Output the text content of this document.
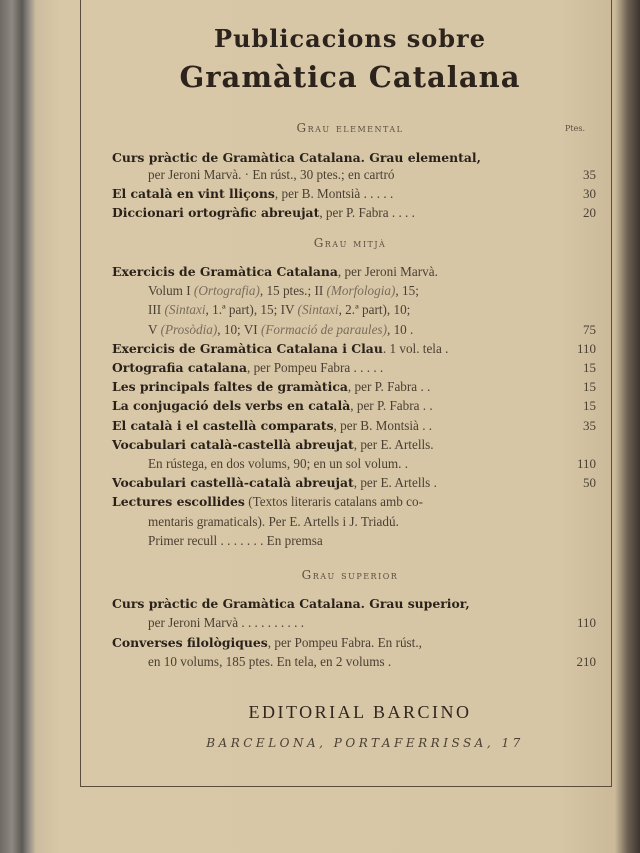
Publicacions sobre
Gramàtica Catalana
Ptes.
Grau elemental
Curs pràctic de Gramàtica Catalana. Grau elemental,
per Jeroni Marvà. · En rúst., 30 ptes.; en cartró	35
El català en vint lliçons, per B. Montsià . . . . .	30
Diccionari ortogràfic abreujat, per P. Fabra . . . .	20
Grau mitjà
Exercicis de Gramàtica Catalana, per Jeroni Marvà.
Volum I (Ortografia), 15 ptes.; II (Morfologia), 15;
III (Sintaxi, 1.ª part), 15; IV (Sintaxi, 2.ª part), 10;
V (Prosòdia), 10; VI (Formació de paraules), 10 .	75
Exercicis de Gramàtica Catalana i Clau. 1 vol. tela .	110
Ortografia catalana, per Pompeu Fabra . . . . .	15
Les principals faltes de gramàtica, per P. Fabra . .	15
La conjugació dels verbs en català, per P. Fabra . .	15
El català i el castellà comparats, per B. Montsià . .	35
Vocabulari català-castellà abreujat, per E. Artells.
En rústega, en dos volums, 90; en un sol volum. .	110
Vocabulari castellà-català abreujat, per E. Artells .	50
Lectures escollides (Textos literaris catalans amb co-
mentaris gramaticals). Per E. Artells i J. Triadú.
Primer recull . . . . . . . En premsa
Grau superior
Curs pràctic de Gramàtica Catalana. Grau superior,
per Jeroni Marvà . . . . . . . . . .	110
Converses filològiques, per Pompeu Fabra. En rúst.,
en 10 volums, 185 ptes. En tela, en 2 volums .	210
EDITORIAL BARCINO
BARCELONA, PORTAFERRISSA, 17
